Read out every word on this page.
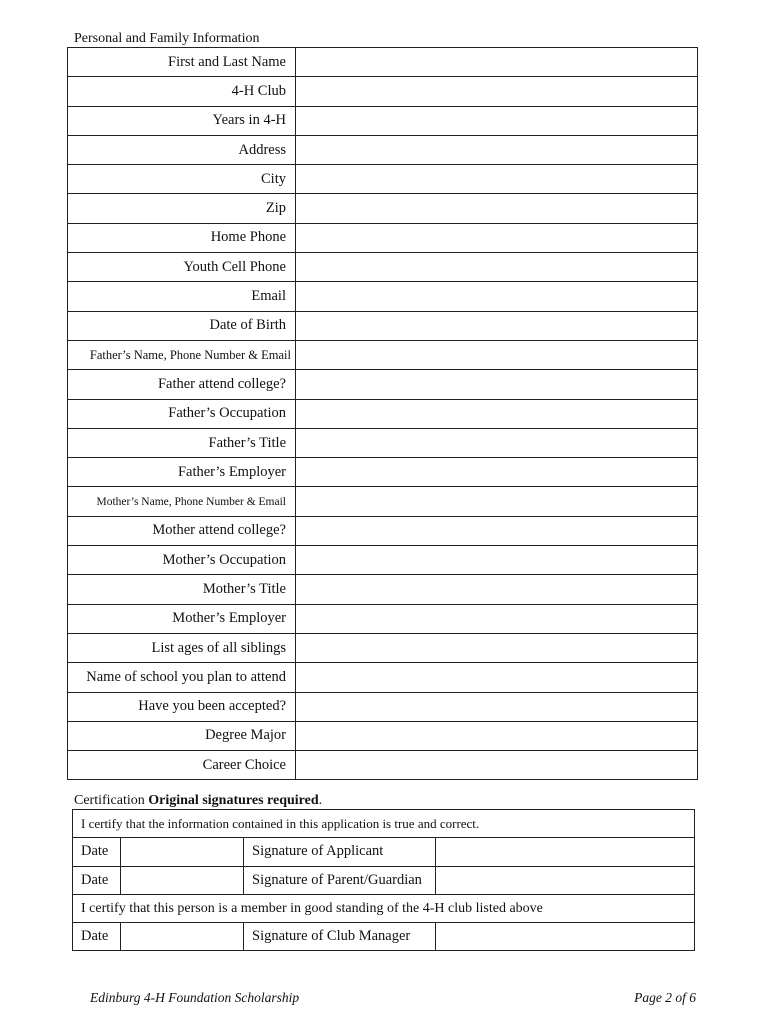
Personal and Family Information
First and Last Name	
4-H Club	
Years in 4-H	
Address	
City	
Zip	
Home Phone	
Youth Cell Phone	
Email	
Date of Birth	
Father’s Name, Phone Number & Email	
Father attend college?	
Father’s Occupation	
Father’s Title	
Father’s Employer	
Mother’s Name, Phone Number & Email	
Mother attend college?	
Mother’s Occupation	
Mother’s Title	
Mother’s Employer	
List ages of all siblings	
Name of school you plan to attend	
Have you been accepted?	
Degree Major	
Career Choice	
Certification Original signatures required.
I certify that the information contained in this application is true and correct.			
Date		Signature of Applicant	
Date		Signature of Parent/Guardian	
I certify that this person is a member in good standing of the 4-H club listed above			
Date		Signature of Club Manager	
Edinburg 4-H Foundation Scholarship	Page 2 of 6
